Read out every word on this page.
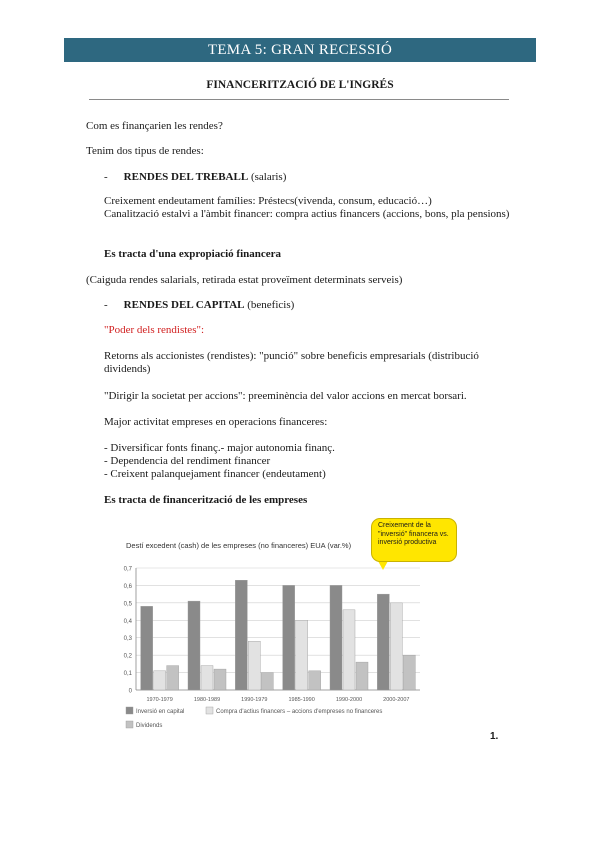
TEMA 5: GRAN RECESSIÓ
FINANCERITZACIÓ DE L'INGRÉS
Com es finançarien les rendes?
Tenim dos tipus de rendes:
- RENDES DEL TREBALL (salaris)
Creixement endeutament famílies: Préstecs(vivenda, consum, educació…)
Canalització estalvi a l'àmbit financer: compra actius financers (accions, bons, pla pensions)
Es tracta d'una expropiació financera
(Caiguda rendes salarials, retirada estat proveïment determinats serveis)
- RENDES DEL CAPITAL (beneficis)
"Poder dels rendistes":
Retorns als accionistes (rendistes): "punció" sobre beneficis empresarials (distribució
dividends)
"Dirigir la societat per accions": preeminència del valor accions en mercat borsari.
Major activitat empreses en operacions financeres:
- Diversificar fonts finanç.- major autonomia finanç.
- Dependencia del rendiment financer
- Creixent palanquejament financer (endeutament)
Es tracta de financerització de les empreses
Destí excedent (cash) de les empreses (no financeres) EUA (var.%)
0
0,1
0,2
0,3
0,4
0,5
0,6
0,7
1970-1979	1980-1989	1990-1979	1985-1990	1990-2000	2000-2007
Inversió en capital	Compra d'actius financers – accions d'empreses no financeres
Dividends
Creixement de la
"inversió" financera vs.
inversió productiva
1.
